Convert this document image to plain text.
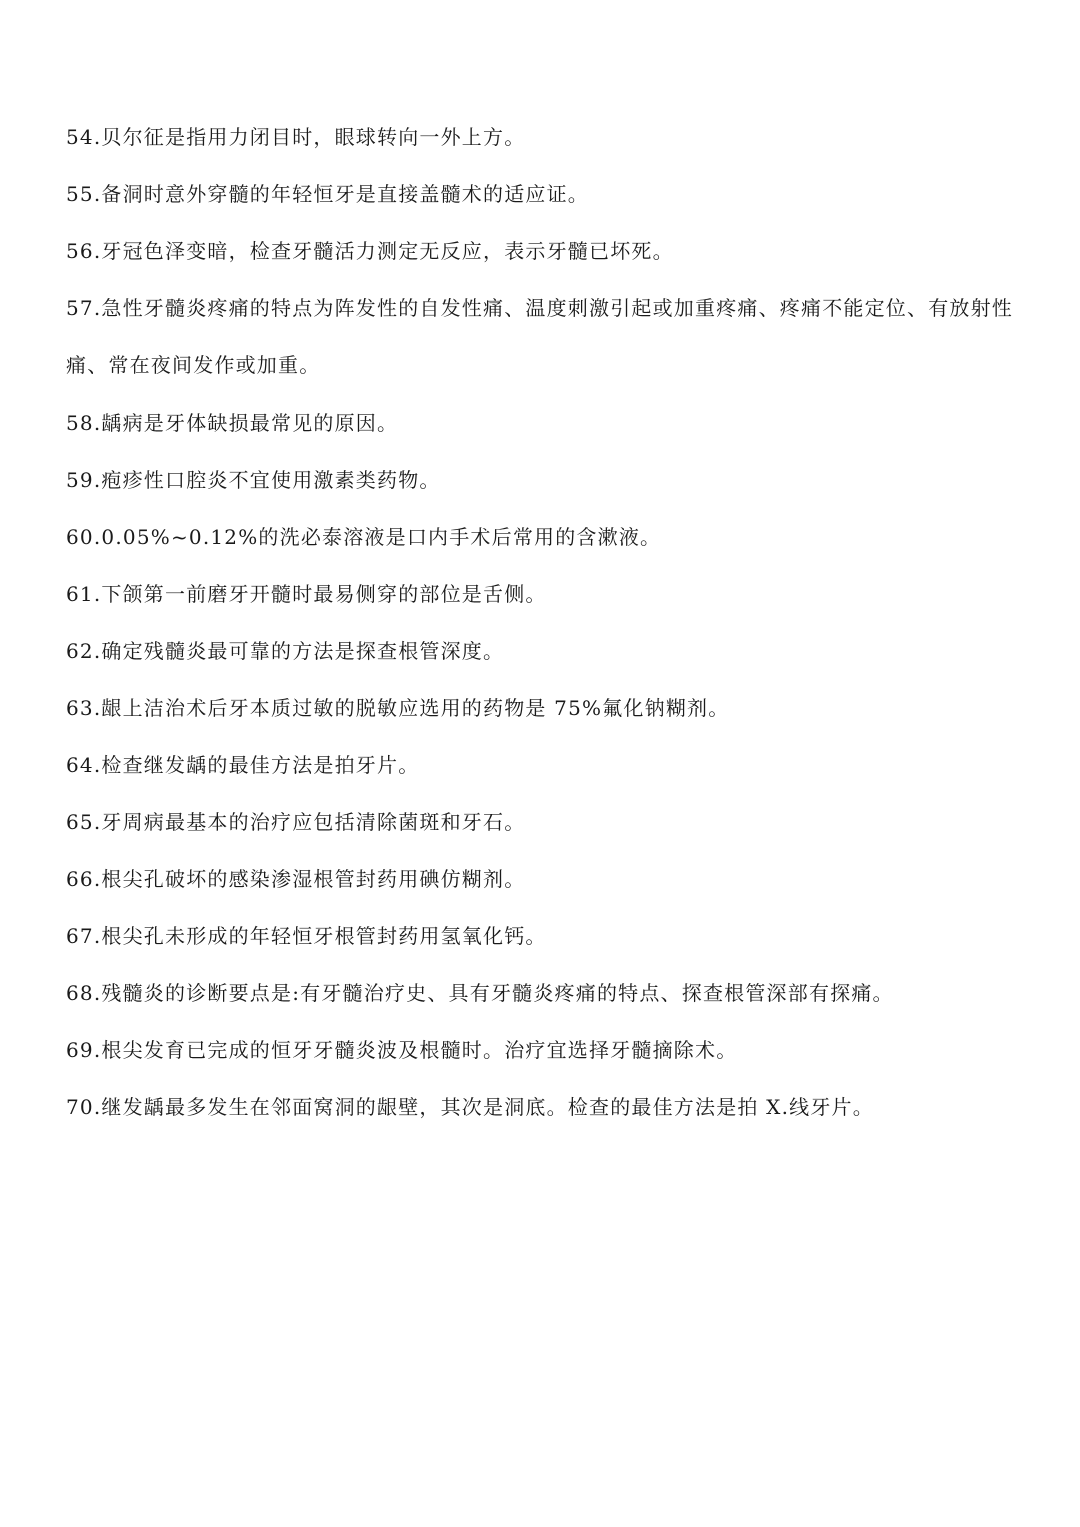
54.贝尔征是指用力闭目时，眼球转向一外上方。

55.备洞时意外穿髓的年轻恒牙是直接盖髓术的适应证。

56.牙冠色泽变暗，检查牙髓活力测定无反应，表示牙髓已坏死。

57.急性牙髓炎疼痛的特点为阵发性的自发性痛、温度刺激引起或加重疼痛、疼痛不能定位、有放射性痛、常在夜间发作或加重。

58.龋病是牙体缺损最常见的原因。

59.疱疹性口腔炎不宜使用激素类药物。

60.0.05%~0.12%的洗必泰溶液是口内手术后常用的含漱液。

61.下颌第一前磨牙开髓时最易侧穿的部位是舌侧。

62.确定残髓炎最可靠的方法是探查根管深度。

63.龈上洁治术后牙本质过敏的脱敏应选用的药物是 75%氟化钠糊剂。

64.检查继发龋的最佳方法是拍牙片。

65.牙周病最基本的治疗应包括清除菌斑和牙石。

66.根尖孔破坏的感染渗湿根管封药用碘仿糊剂。

67.根尖孔未形成的年轻恒牙根管封药用氢氧化钙。

68.残髓炎的诊断要点是:有牙髓治疗史、具有牙髓炎疼痛的特点、探查根管深部有探痛。

69.根尖发育已完成的恒牙牙髓炎波及根髓时。治疗宜选择牙髓摘除术。

70.继发龋最多发生在邻面窝洞的龈壁，其次是洞底。检查的最佳方法是拍 X.线牙片。
